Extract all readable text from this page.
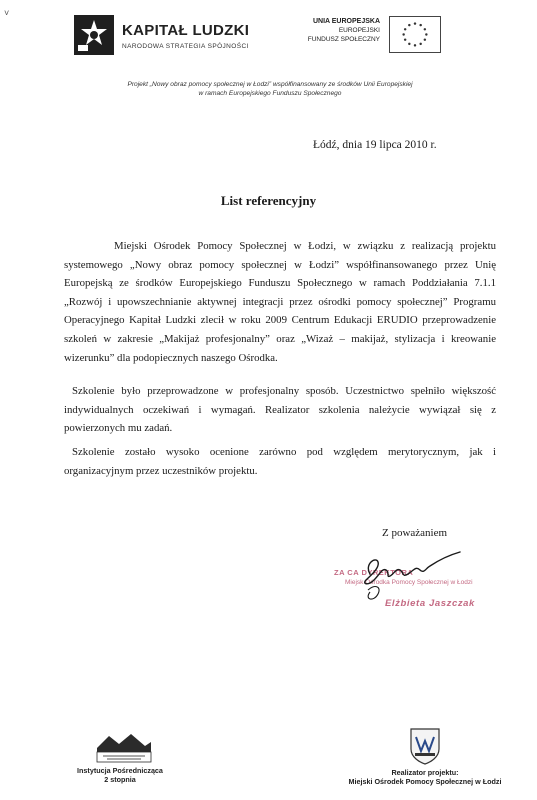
˅
KAPITAŁ LUDZKI
NARODOWA STRATEGIA SPÓJNOŚCI
UNIA EUROPEJSKA
EUROPEJSKI
FUNDUSZ SPOŁECZNY
Projekt „Nowy obraz pomocy społecznej w Łodzi” współfinansowany ze środków Unii Europejskiej
w ramach Europejskiego Funduszu Społecznego
Łódź, dnia 19 lipca 2010 r.
List referencyjny

Miejski Ośrodek Pomocy Społecznej w Łodzi, w związku z realizacją projektu systemowego „Nowy obraz pomocy społecznej w Łodzi” współfinansowanego przez Unię Europejską ze środków Europejskiego Funduszu Społecznego w ramach Poddziałania 7.1.1 „Rozwój i upowszechnianie aktywnej integracji przez ośrodki pomocy społecznej” Programu Operacyjnego Kapitał Ludzki zlecił w roku 2009 Centrum Edukacji ERUDIO przeprowadzenie szkoleń w zakresie „Makijaż profesjonalny” oraz „Wizaż – makijaż, stylizacja i kreowanie wizerunku” dla podopiecznych naszego Ośrodka.

Szkolenie było przeprowadzone w profesjonalny sposób. Uczestnictwo spełniło większość indywidualnych oczekiwań i wymagań. Realizator szkolenia należycie wywiązał się z powierzonych mu zadań.

Szkolenie zostało wysoko ocenione zarówno pod względem merytorycznym, jak i organizacyjnym przez uczestników projektu.

Z poważaniem
ZA CA DYREKTORA
Miejsk Ośrodka Pomocy Społecznej w Łodzi
Elżbieta Jaszczak
Instytucja Pośrednicząca
2 stopnia
Realizator projektu:
Miejski Ośrodek Pomocy Społecznej w Łodzi
